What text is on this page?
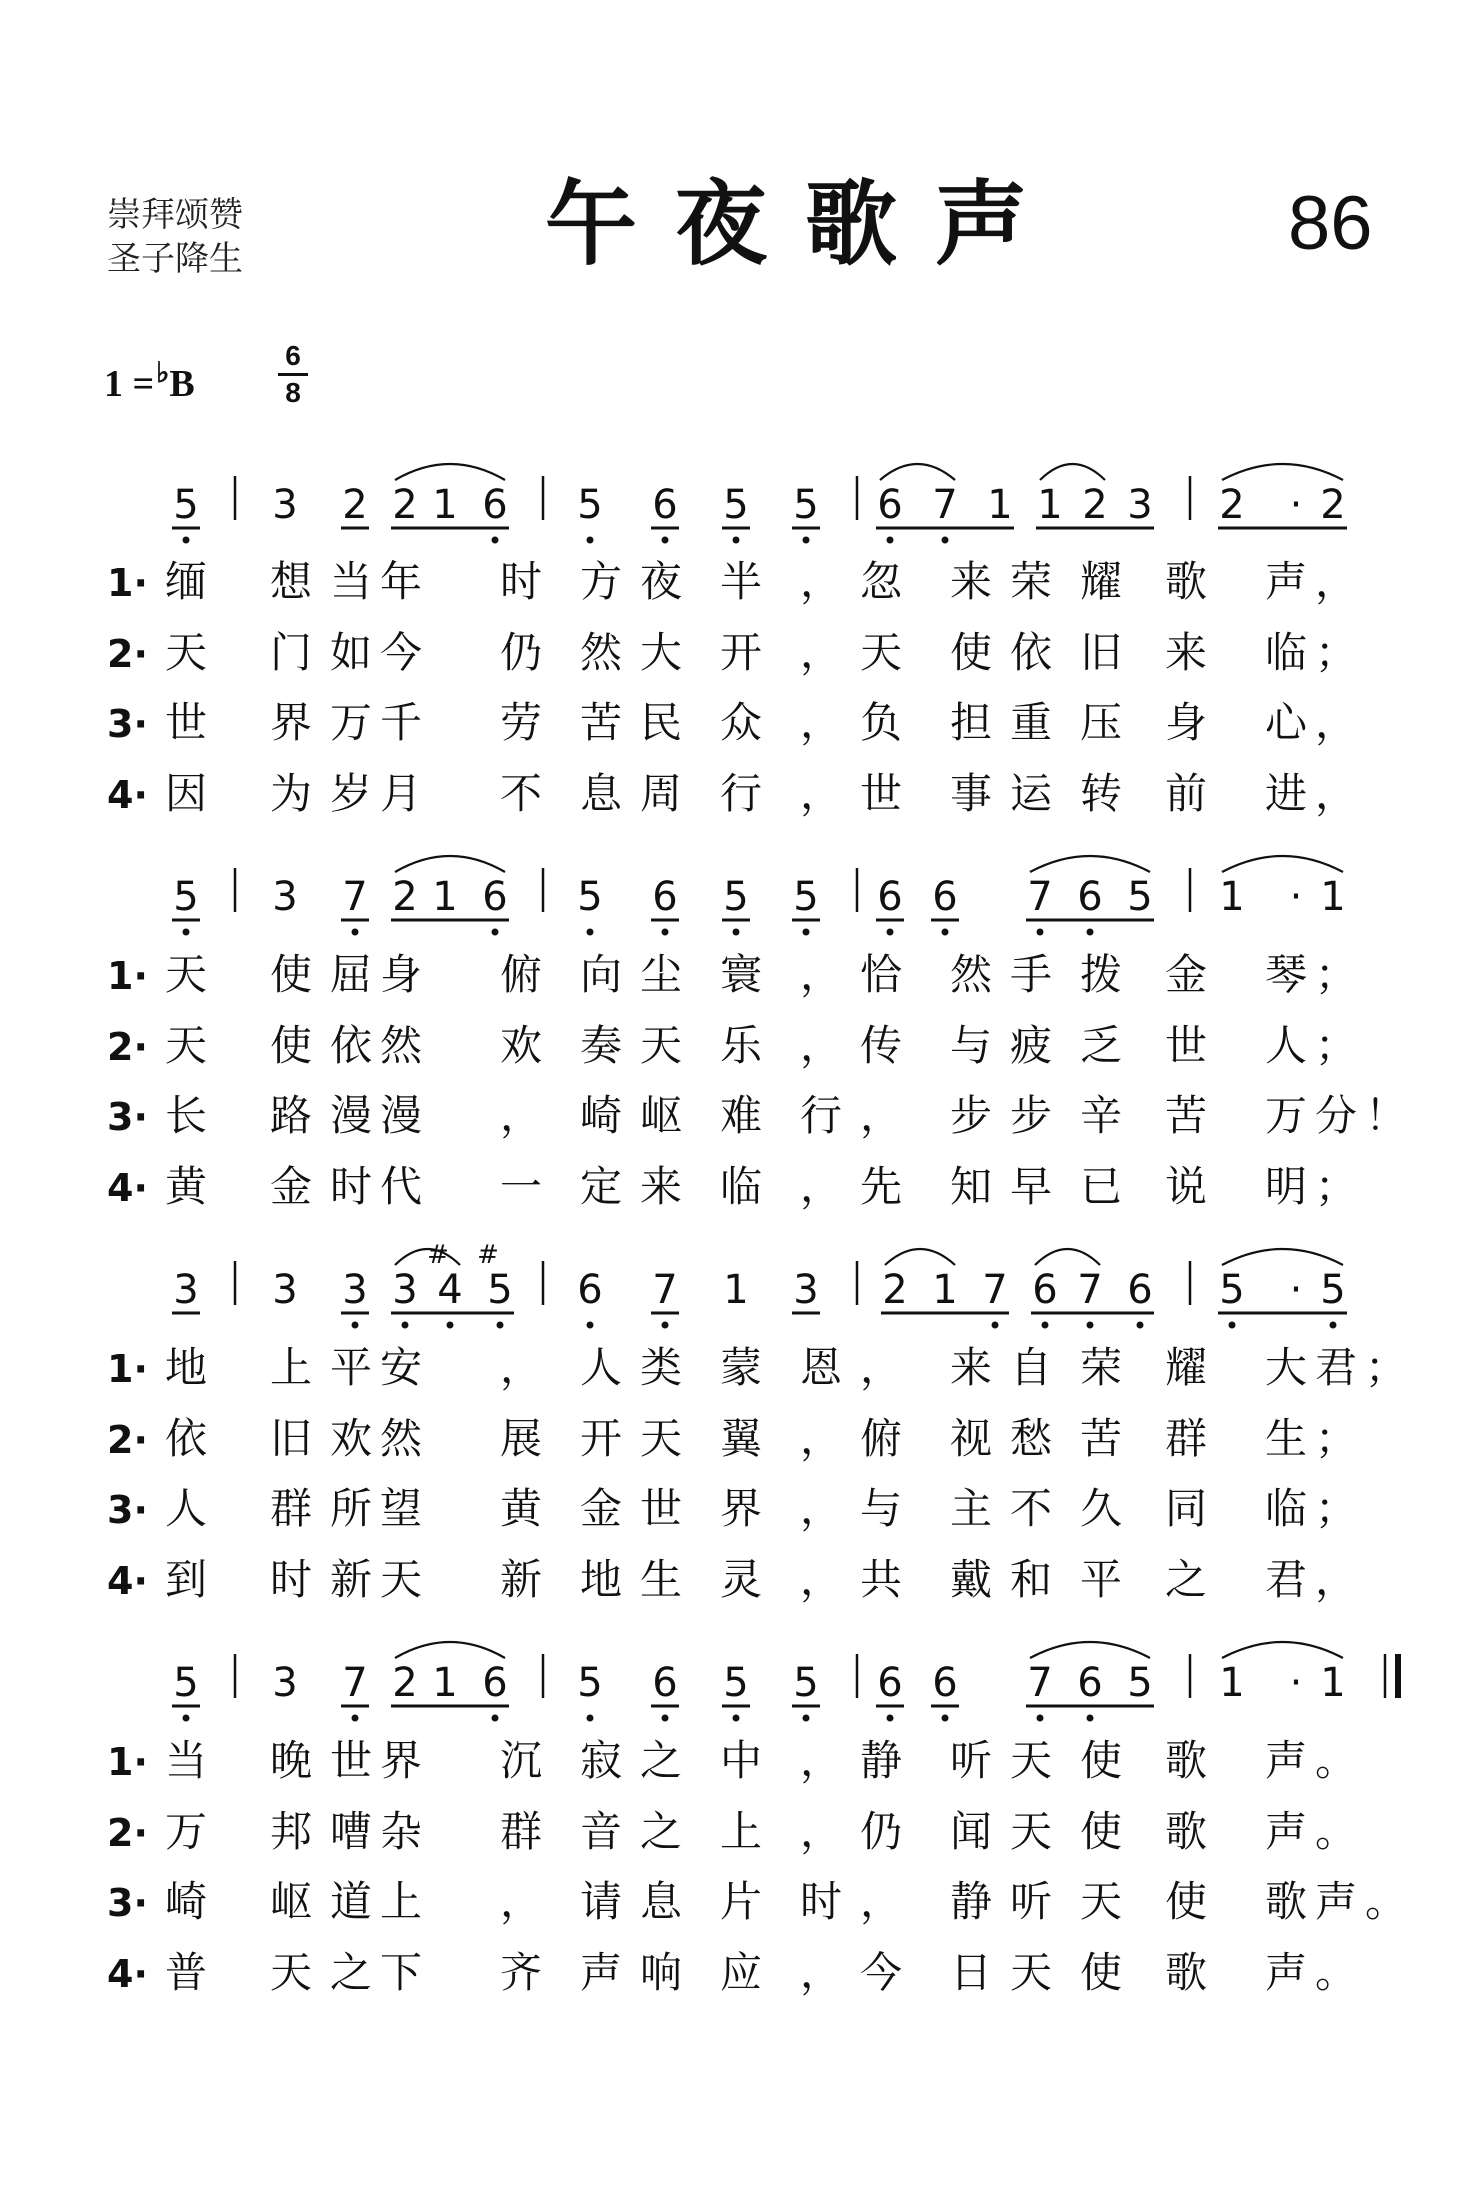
崇拜颂赞
圣子降生	午夜歌声	86
1 =♭B
6
8
5 3 2 2 1 6 5 6 5 5 6 7 1 1 2 3 2 · 2
1· 缅 想 当 年 时 方 夜 半 ， 忽 来 荣 耀 歌 声 ，
2· 天 门 如 今 仍 然 大 开 ， 天 使 依 旧 来 临 ；
3· 世 界 万 千 劳 苦 民 众 ， 负 担 重 压 身 心 ，
4· 因 为 岁 月 不 息 周 行 ， 世 事 运 转 前 进 ，
5 3 7 2 1 6 5 6 5 5 6 6 7 6 5 1 · 1
1· 天 使 屈 身 俯 向 尘 寰 ， 恰 然 手 拨 金 琴 ；
2· 天 使 依 然 欢 奏 天 乐 ， 传 与 疲 乏 世 人 ；
3· 长 路 漫 漫 ， 崎 岖 难 行 ， 步 步 辛 苦 万 分 ！
4· 黄 金 时 代 一 定 来 临 ， 先 知 早 已 说 明 ；
3 3 3 3 4 5 6 7 1 3 2 1 7 6 7 6 5 · 5
# #
1· 地 上 平 安 ， 人 类 蒙 恩 ， 来 自 荣 耀 大 君 ；
2· 依 旧 欢 然 展 开 天 翼 ， 俯 视 愁 苦 群 生 ；
3· 人 群 所 望 黄 金 世 界 ， 与 主 不 久 同 临 ；
4· 到 时 新 天 新 地 生 灵 ， 共 戴 和 平 之 君 ，
5 3 7 2 1 6 5 6 5 5 6 6 7 6 5 1 · 1
1· 当 晚 世 界 沉 寂 之 中 ， 静 听 天 使 歌 声 。
2· 万 邦 嘈 杂 群 音 之 上 ， 仍 闻 天 使 歌 声 。
3· 崎 岖 道 上 ， 请 息 片 时 ， 静 听 天 使 歌 声 。
4· 普 天 之 下 齐 声 响 应 ， 今 日 天 使 歌 声 。
